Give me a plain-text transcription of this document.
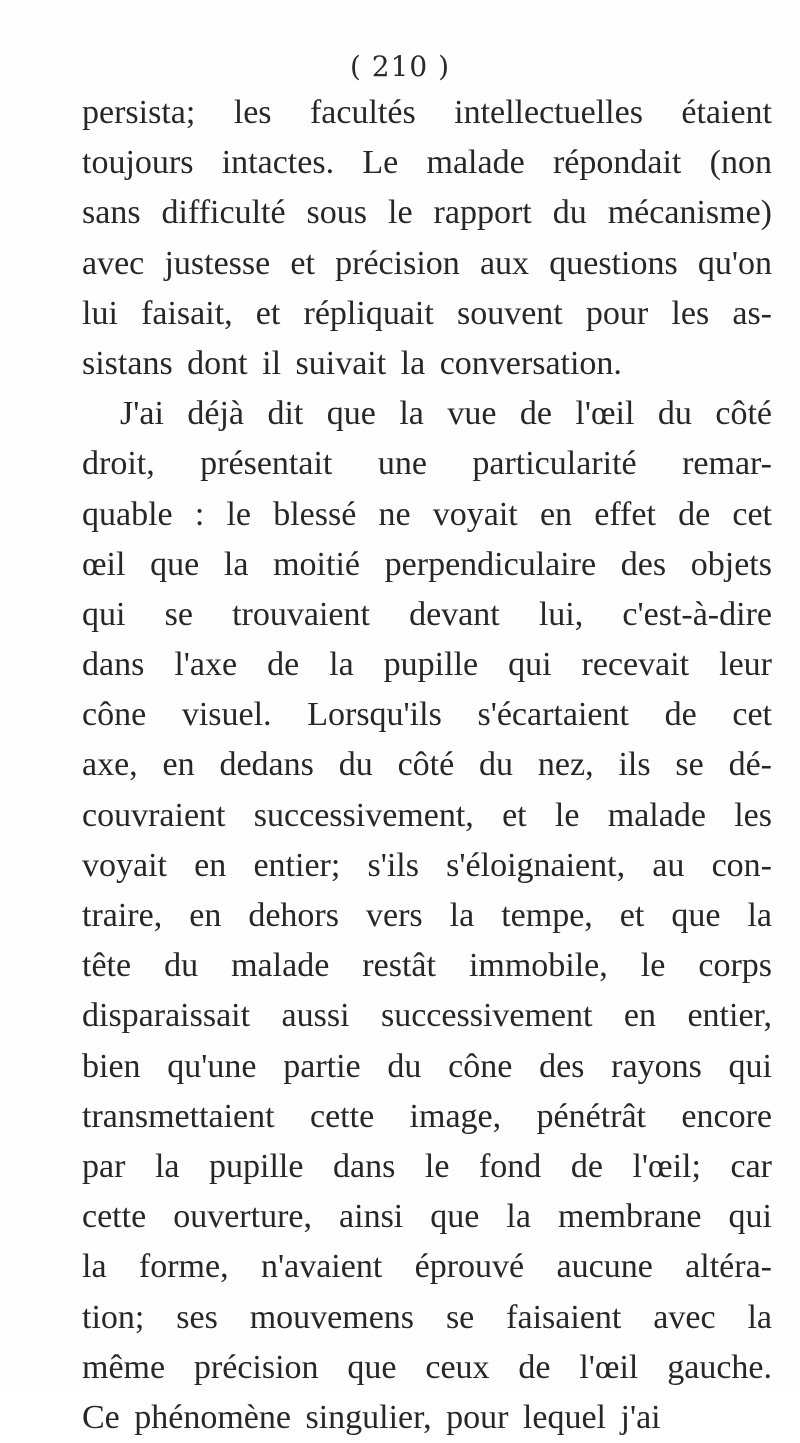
( 210 )
persista; les facultés intellectuelles étaient
toujours intactes. Le malade répondait (non
sans difficulté sous le rapport du mécanisme)
avec justesse et précision aux questions qu'on
lui faisait, et répliquait souvent pour les as-
sistans dont il suivait la conversation.
J'ai déjà dit que la vue de l'œil du côté
droit, présentait une particularité remar-
quable : le blessé ne voyait en effet de cet
œil que la moitié perpendiculaire des objets
qui se trouvaient devant lui, c'est-à-dire
dans l'axe de la pupille qui recevait leur
cône visuel. Lorsqu'ils s'écartaient de cet
axe, en dedans du côté du nez, ils se dé-
couvraient successivement, et le malade les
voyait en entier; s'ils s'éloignaient, au con-
traire, en dehors vers la tempe, et que la
tête du malade restât immobile, le corps
disparaissait aussi successivement en entier,
bien qu'une partie du cône des rayons qui
transmettaient cette image, pénétrât encore
par la pupille dans le fond de l'œil; car
cette ouverture, ainsi que la membrane qui
la forme, n'avaient éprouvé aucune altéra-
tion; ses mouvemens se faisaient avec la
même précision que ceux de l'œil gauche.
Ce phénomène singulier, pour lequel j'ai
